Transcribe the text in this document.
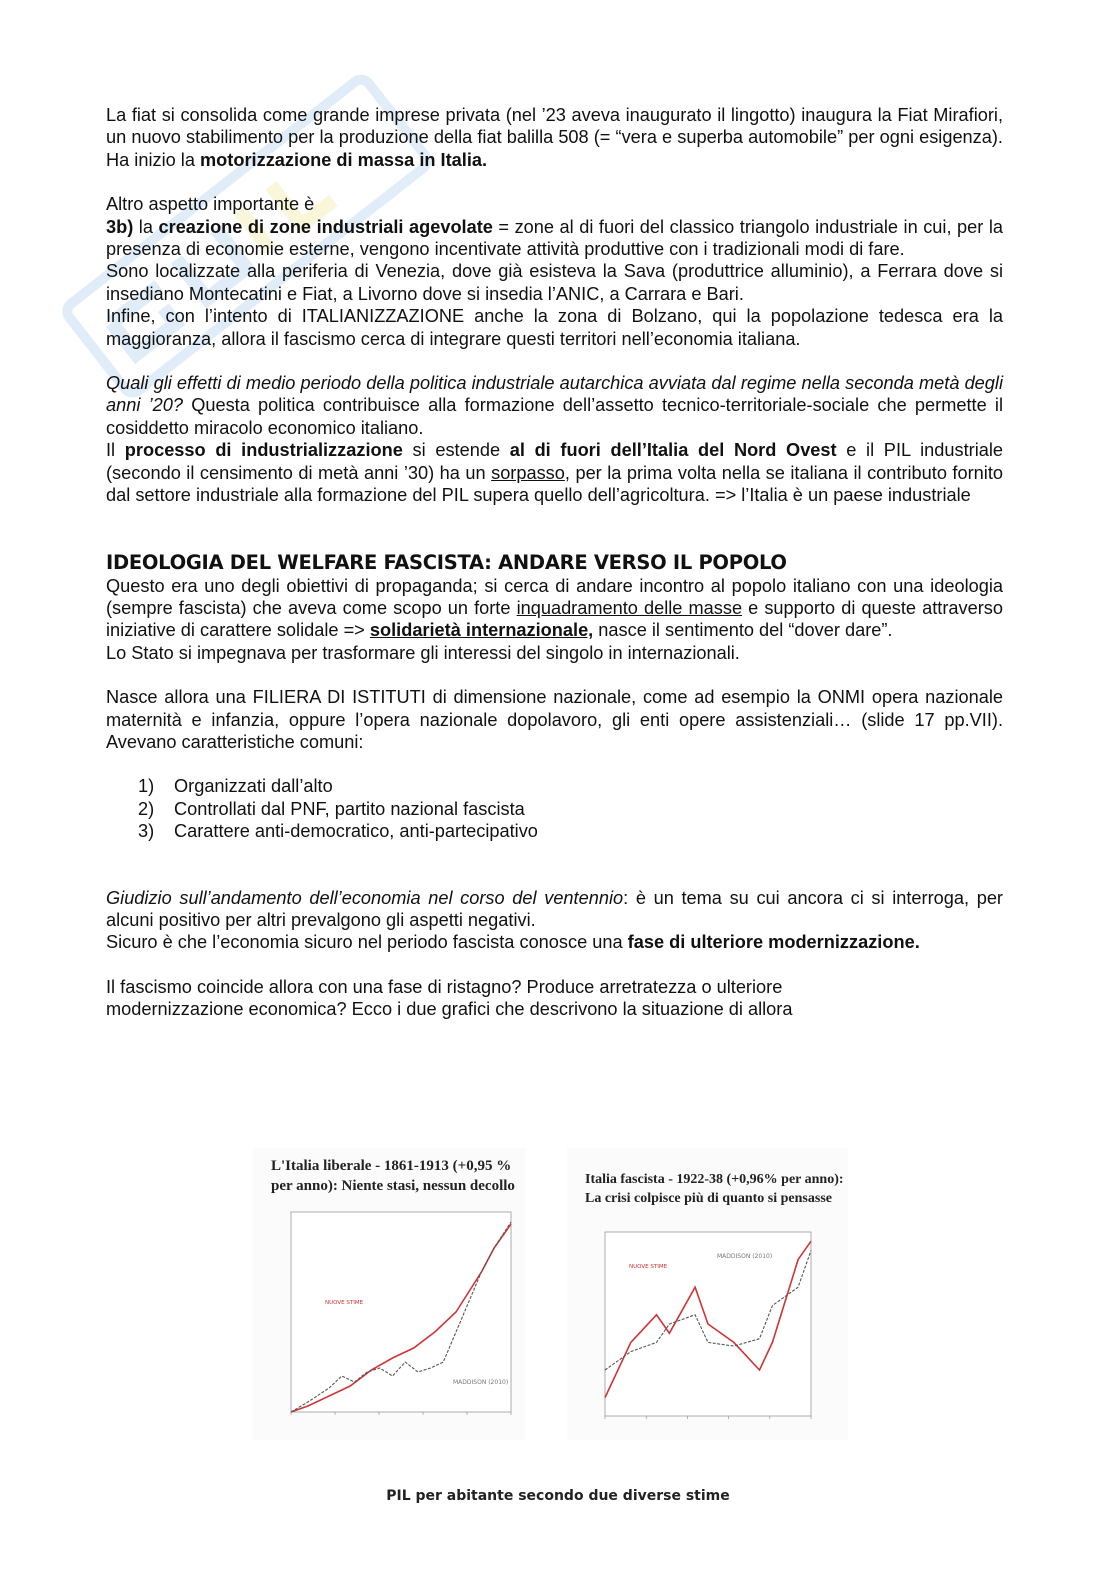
La fiat si consolida come grande imprese privata (nel ’23 aveva inaugurato il lingotto) inaugura la Fiat Mirafiori, un nuovo stabilimento per la produzione della fiat balilla 508 (= “vera e superba automobile” per ogni esigenza). Ha inizio la motorizzazione di massa in Italia.

Altro aspetto importante è

3b) la creazione di zone industriali agevolate = zone al di fuori del classico triangolo industriale in cui, per la presenza di economie esterne, vengono incentivate attività produttive con i tradizionali modi di fare.

Sono localizzate alla periferia di Venezia, dove già esisteva la Sava (produttrice alluminio), a Ferrara dove si insediano Montecatini e Fiat, a Livorno dove si insedia l’ANIC, a Carrara e Bari.

Infine, con l’intento di ITALIANIZZAZIONE anche la zona di Bolzano, qui la popolazione tedesca era la maggioranza, allora il fascismo cerca di integrare questi territori nell’economia italiana.

Quali gli effetti di medio periodo della politica industriale autarchica avviata dal regime nella seconda metà degli anni ’20? Questa politica contribuisce alla formazione dell’assetto tecnico-territoriale-sociale che permette il cosiddetto miracolo economico italiano.

Il processo di industrializzazione si estende al di fuori dell’Italia del Nord Ovest e il PIL industriale (secondo il censimento di metà anni ’30) ha un sorpasso, per la prima volta nella se italiana il contributo fornito dal settore industriale alla formazione del PIL supera quello dell’agricoltura. => l’Italia è un paese industriale

IDEOLOGIA DEL WELFARE FASCISTA: ANDARE VERSO IL POPOLO

Questo era uno degli obiettivi di propaganda; si cerca di andare incontro al popolo italiano con una ideologia (sempre fascista) che aveva come scopo un forte inquadramento delle masse e supporto di queste attraverso iniziative di carattere solidale => solidarietà internazionale, nasce il sentimento del “dover dare”.

Lo Stato si impegnava per trasformare gli interessi del singolo in internazionali.

Nasce allora una FILIERA DI ISTITUTI di dimensione nazionale, come ad esempio la ONMI opera nazionale maternità e infanzia, oppure l’opera nazionale dopolavoro, gli enti opere assistenziali… (slide 17 pp.VII). Avevano caratteristiche comuni:

1)	Organizzati dall’alto
2)	Controllati dal PNF, partito nazional fascista
3)	Carattere anti-democratico, anti-partecipativo

Giudizio sull’andamento dell’economia nel corso del ventennio: è un tema su cui ancora ci si interroga, per alcuni positivo per altri prevalgono gli aspetti negativi.

Sicuro è che l’economia sicuro nel periodo fascista conosce una fase di ulteriore modernizzazione.

Il fascismo coincide allora con una fase di ristagno? Produce arretratezza o ulteriore

modernizzazione economica? Ecco i due grafici che descrivono la situazione di allora

L'Italia liberale - 1861-1913 (+0,95 % per anno): Niente stasi, nessun decollo
NUOVE STIME
MADDISON (2010)
Italia fascista - 1922-38 (+0,96% per anno): La crisi colpisce più di quanto si pensasse
NUOVE STIME
MADDISON (2010)
PIL per abitante secondo due diverse stime
